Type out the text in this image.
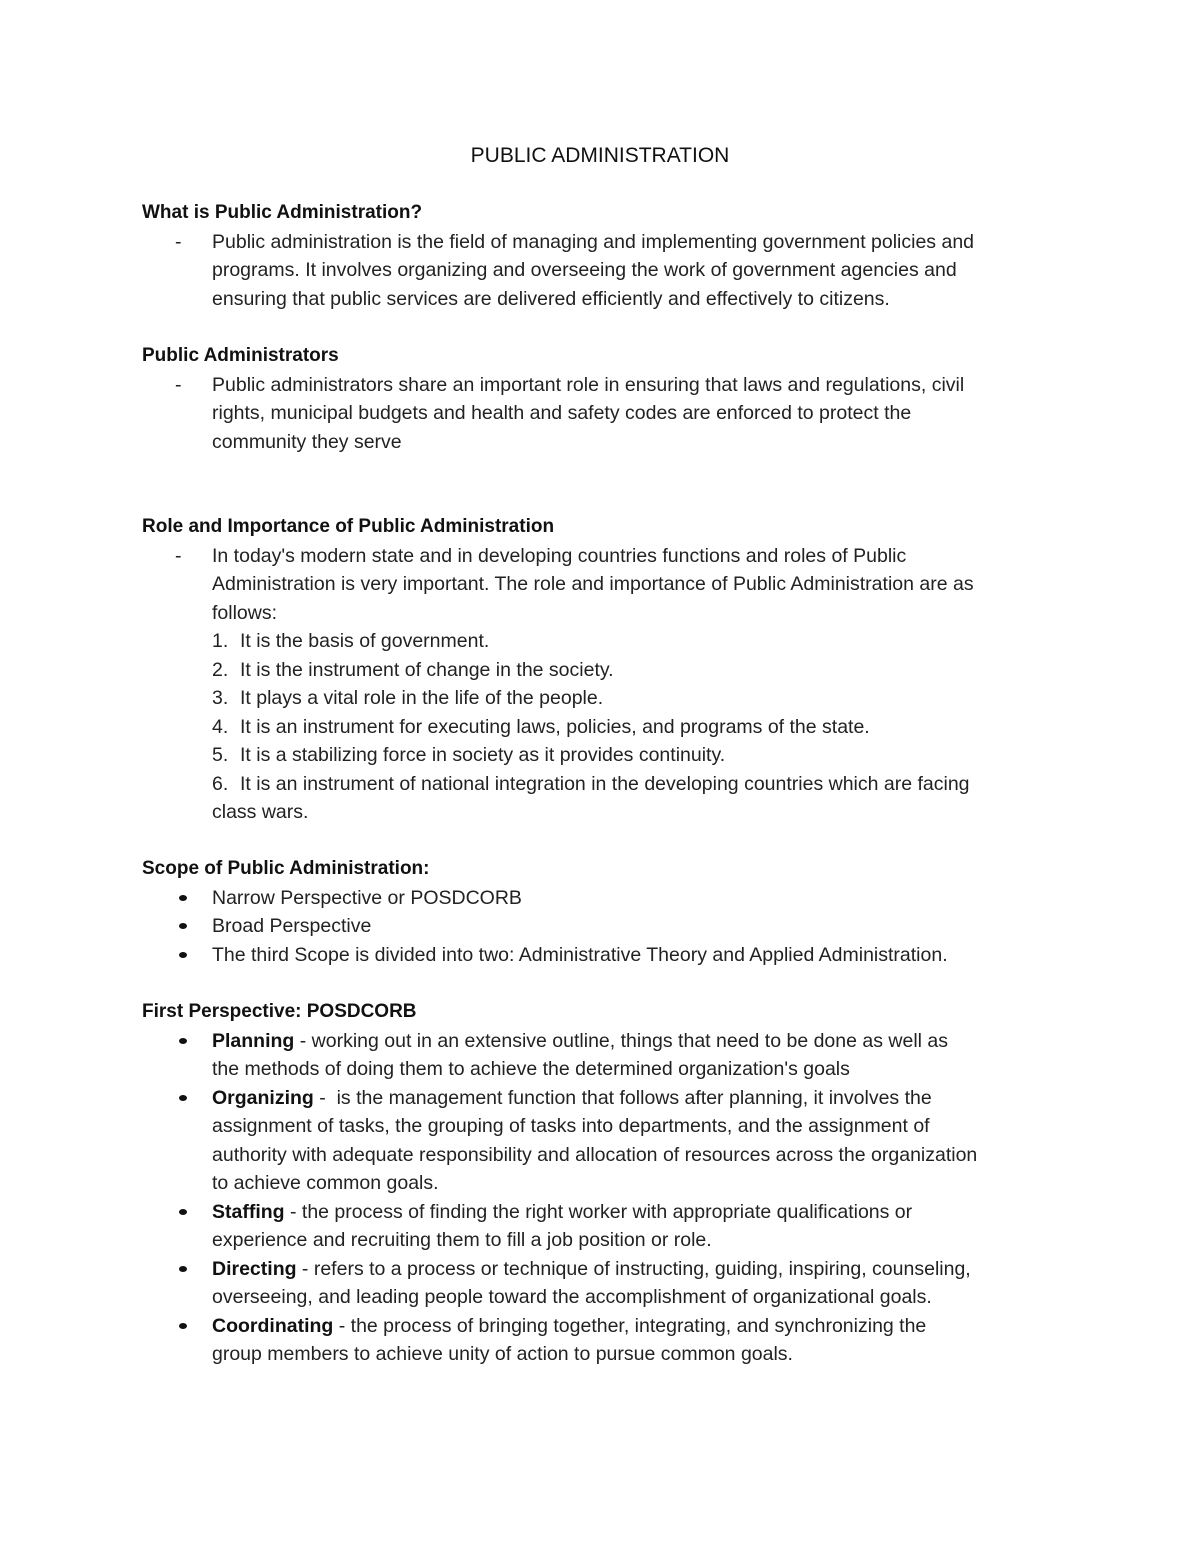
PUBLIC ADMINISTRATION
What is Public Administration?
- Public administration is the field of managing and implementing government policies and
programs. It involves organizing and overseeing the work of government agencies and
ensuring that public services are delivered efficiently and effectively to citizens.
Public Administrators
- Public administrators share an important role in ensuring that laws and regulations, civil
rights, municipal budgets and health and safety codes are enforced to protect the
community they serve
Role and Importance of Public Administration
- In today's modern state and in developing countries functions and roles of Public
Administration is very important. The role and importance of Public Administration are as
follows:
1. It is the basis of government.
2. It is the instrument of change in the society.
3. It plays a vital role in the life of the people.
4. It is an instrument for executing laws, policies, and programs of the state.
5. It is a stabilizing force in society as it provides continuity.
6. It is an instrument of national integration in the developing countries which are facing
class wars.
Scope of Public Administration:
Narrow Perspective or POSDCORB
Broad Perspective
The third Scope is divided into two: Administrative Theory and Applied Administration.
First Perspective: POSDCORB
Planning - working out in an extensive outline, things that need to be done as well as
the methods of doing them to achieve the determined organization's goals
Organizing -  is the management function that follows after planning, it involves the
assignment of tasks, the grouping of tasks into departments, and the assignment of
authority with adequate responsibility and allocation of resources across the organization
to achieve common goals.
Staffing - the process of finding the right worker with appropriate qualifications or
experience and recruiting them to fill a job position or role.
Directing - refers to a process or technique of instructing, guiding, inspiring, counseling,
overseeing, and leading people toward the accomplishment of organizational goals.
Coordinating - the process of bringing together, integrating, and synchronizing the
group members to achieve unity of action to pursue common goals.
